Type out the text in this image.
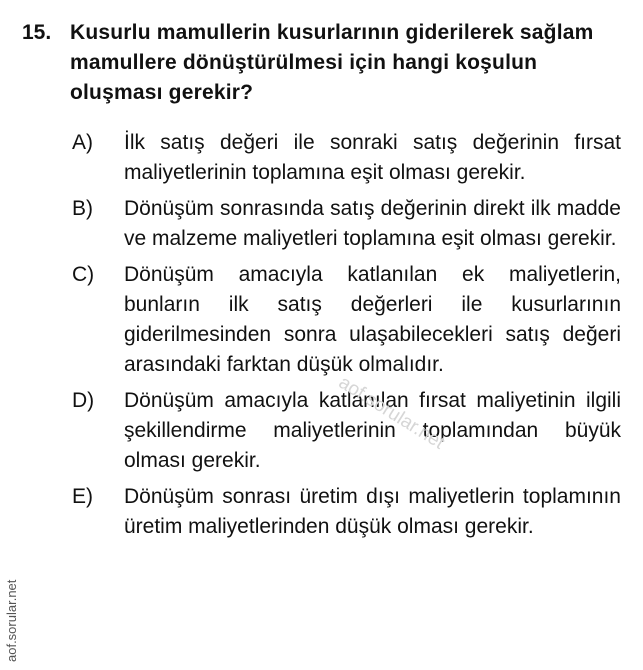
15. Kusurlu mamullerin kusurlarının giderilerek sağlam mamullere dönüştürülmesi için hangi koşulun oluşması gerekir?
A)	İlk satış değeri ile sonraki satış değerinin fırsat maliyetlerinin toplamına eşit olması gerekir.
B)	Dönüşüm sonrasında satış değerinin direkt ilk madde ve malzeme maliyetleri toplamına eşit olması gerekir.
C)	Dönüşüm amacıyla katlanılan ek maliyetlerin, bunların ilk satış değerleri ile kusurlarının giderilmesinden sonra ulaşabilecekleri satış değeri arasındaki farktan düşük olmalıdır.
D)	Dönüşüm amacıyla katlanılan fırsat maliyetinin ilgili şekillendirme maliyetlerinin toplamından büyük olması gerekir.
E)	Dönüşüm sonrası üretim dışı maliyetlerin toplamının üretim maliyetlerinden düşük olması gerekir.
aof.sorular.net
aof.sorular.net
